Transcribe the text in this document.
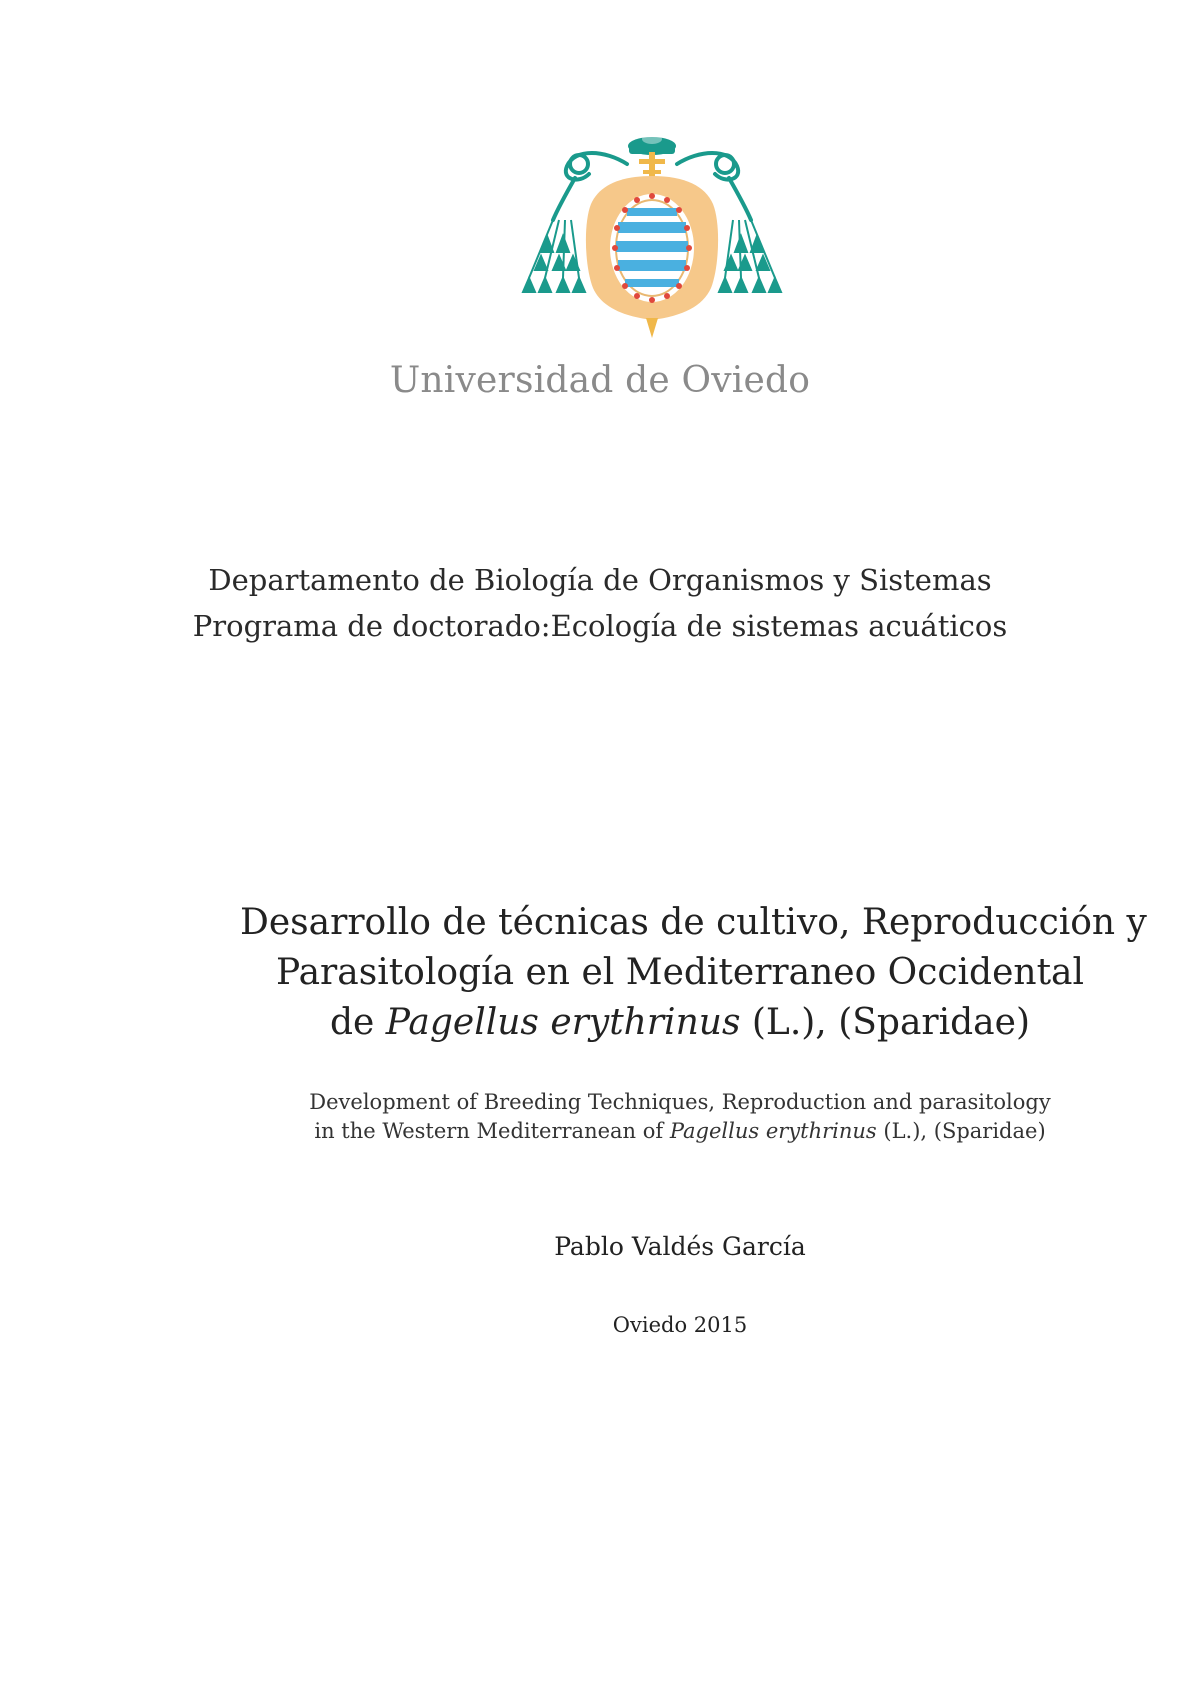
Universidad de Oviedo
Departamento de Biología de Organismos y Sistemas
Programa de doctorado:Ecología de sistemas acuáticos
Desarrollo de técnicas de cultivo, Reproducción y
Parasitología en el Mediterraneo Occidental
de Pagellus erythrinus (L.), (Sparidae)
Development of Breeding Techniques, Reproduction and parasitology
in the Western Mediterranean of Pagellus erythrinus (L.), (Sparidae)
Pablo Valdés García
Oviedo 2015
